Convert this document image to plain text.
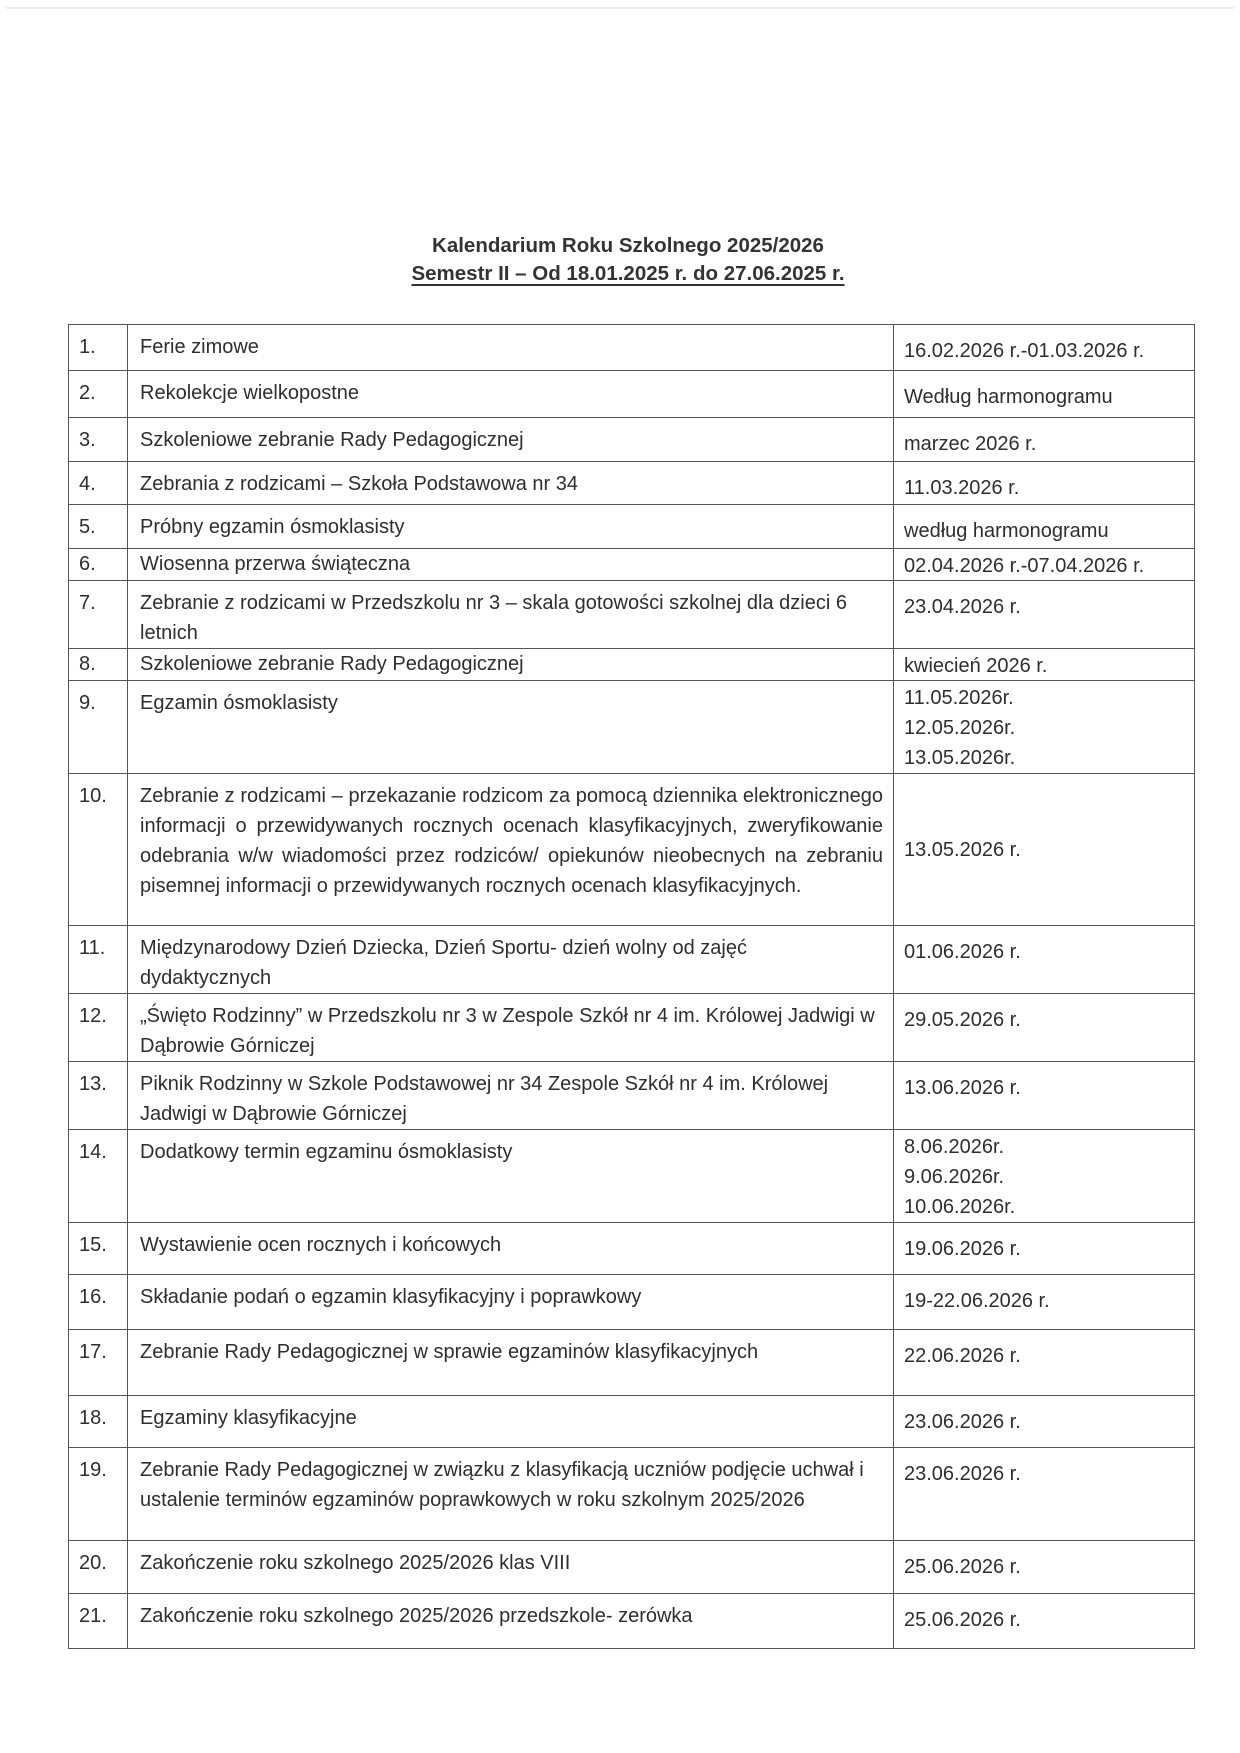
Kalendarium Roku Szkolnego 2025/2026
Semestr II – Od 18.01.2025 r. do 27.06.2025 r.
1.	Ferie zimowe	16.02.2026 r.-01.03.2026 r.

2.	Rekolekcje wielkopostne	Według harmonogramu

3.	Szkoleniowe zebranie Rady Pedagogicznej	marzec 2026 r.

4.	Zebrania z rodzicami – Szkoła Podstawowa nr 34	11.03.2026 r.

5.	Próbny egzamin ósmoklasisty	według harmonogramu

6.	Wiosenna przerwa świąteczna	02.04.2026 r.-07.04.2026 r.

7.	Zebranie z rodzicami w Przedszkolu nr 3 – skala gotowości szkolnej dla dzieci 6 letnich	23.04.2026 r.

8.	Szkoleniowe zebranie Rady Pedagogicznej	kwiecień 2026 r.

9.	Egzamin ósmoklasisty	11.05.2026r.
12.05.2026r.
13.05.2026r.

10.	Zebranie z rodzicami – przekazanie rodzicom za pomocą dziennika elektronicznego informacji o przewidywanych rocznych ocenach klasyfikacyjnych, zweryfikowanie odebrania w/w wiadomości przez rodziców/ opiekunów nieobecnych na zebraniu pisemnej informacji o przewidywanych rocznych ocenach klasyfikacyjnych.	13.05.2026 r.

11.	Międzynarodowy Dzień Dziecka, Dzień Sportu- dzień wolny od zajęć dydaktycznych	01.06.2026 r.

12.	„Święto Rodzinny” w Przedszkolu nr 3 w Zespole Szkół nr 4 im. Królowej Jadwigi w Dąbrowie Górniczej	29.05.2026 r.

13.	Piknik Rodzinny w Szkole Podstawowej nr 34 Zespole Szkół nr 4 im. Królowej Jadwigi w Dąbrowie Górniczej	13.06.2026 r.

14.	Dodatkowy termin egzaminu ósmoklasisty	8.06.2026r.
9.06.2026r.
10.06.2026r.

15.	Wystawienie ocen rocznych i końcowych	19.06.2026 r.

16.	Składanie podań o egzamin klasyfikacyjny i poprawkowy	19-22.06.2026 r.

17.	Zebranie Rady Pedagogicznej w sprawie egzaminów klasyfikacyjnych	22.06.2026 r.

18.	Egzaminy klasyfikacyjne	23.06.2026 r.

19.	Zebranie Rady Pedagogicznej w związku z klasyfikacją uczniów podjęcie uchwał i ustalenie terminów egzaminów poprawkowych w roku szkolnym 2025/2026	23.06.2026 r.

20.	Zakończenie roku szkolnego 2025/2026 klas VIII	25.06.2026 r.

21.	Zakończenie roku szkolnego 2025/2026 przedszkole- zerówka	25.06.2026 r.
